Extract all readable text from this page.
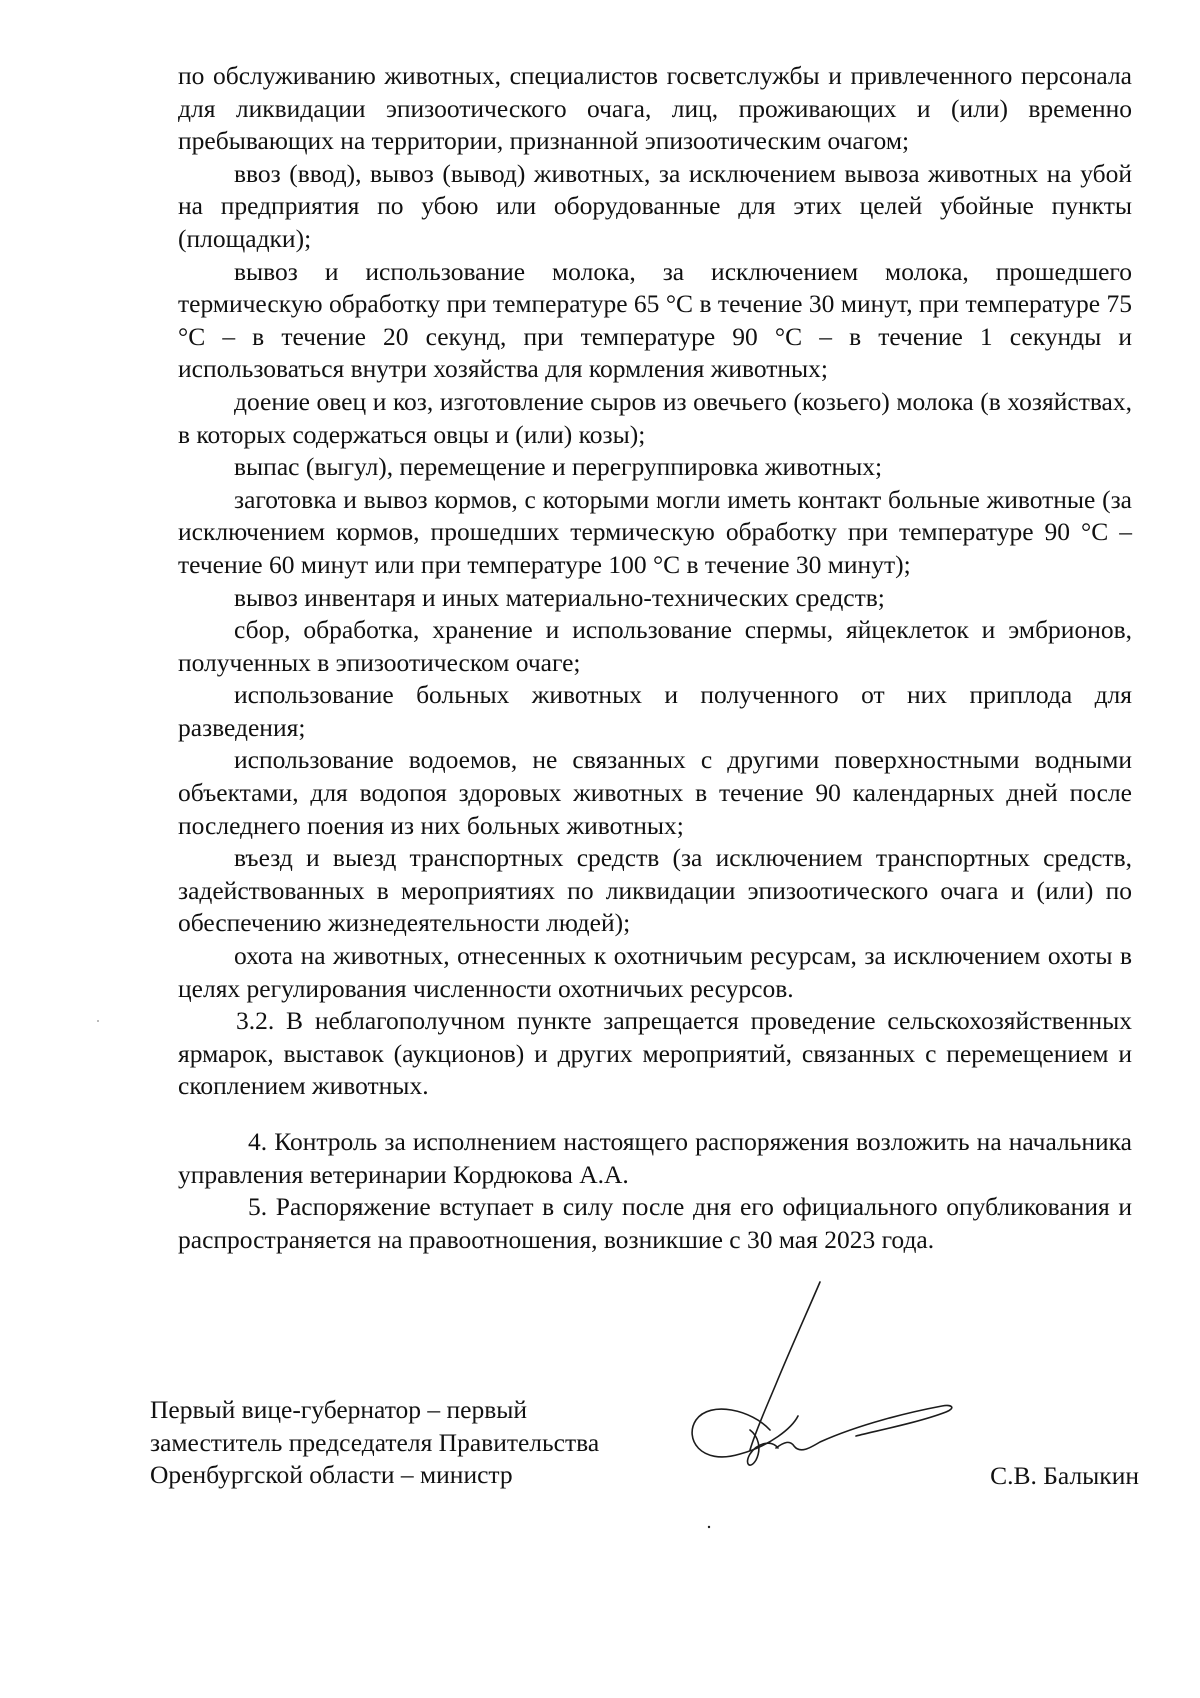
по обслуживанию животных, специалистов госветслужбы и привлеченного персонала для ликвидации эпизоотического очага, лиц, проживающих и (или) временно пребывающих на территории, признанной эпизоотическим очагом;

ввоз (ввод), вывоз (вывод) животных, за исключением вывоза животных на убой на предприятия по убою или оборудованные для этих целей убойные пункты (площадки);

вывоз и использование молока, за исключением молока, прошедшего термическую обработку при температуре 65 °С в течение 30 минут, при температуре 75 °С – в течение 20 секунд, при температуре 90 °С – в течение 1 секунды и использоваться внутри хозяйства для кормления животных;

доение овец и коз, изготовление сыров из овечьего (козьего) молока (в хозяйствах, в которых содержаться овцы и (или) козы);

выпас (выгул), перемещение и перегруппировка животных;

заготовка и вывоз кормов, с которыми могли иметь контакт больные животные (за исключением кормов, прошедших термическую обработку при температуре 90 °С – течение 60 минут или при температуре 100 °С в течение 30 минут);

вывоз инвентаря и иных материально-технических средств;

сбор, обработка, хранение и использование спермы, яйцеклеток и эмбрионов, полученных в эпизоотическом очаге;

использование больных животных и полученного от них приплода для разведения;

использование водоемов, не связанных с другими поверхностными водными объектами, для водопоя здоровых животных в течение 90 календарных дней после последнего поения из них больных животных;

въезд и выезд транспортных средств (за исключением транспортных средств, задействованных в мероприятиях по ликвидации эпизоотического очага и (или) по обеспечению жизнедеятельности людей);

охота на животных, отнесенных к охотничьим ресурсам, за исключением охоты в целях регулирования численности охотничьих ресурсов.

3.2. В неблагополучном пункте запрещается проведение сельскохозяйственных ярмарок, выставок (аукционов) и других мероприятий, связанных с перемещением и скоплением животных.

4. Контроль за исполнением настоящего распоряжения возложить на начальника управления ветеринарии Кордюкова А.А.

5. Распоряжение вступает в силу после дня его официального опубликования и распространяется на правоотношения, возникшие с 30 мая 2023 года.

Первый вице-губернатор – первый
заместитель председателя Правительства
Оренбургской области – министр	С.В. Балыкин
